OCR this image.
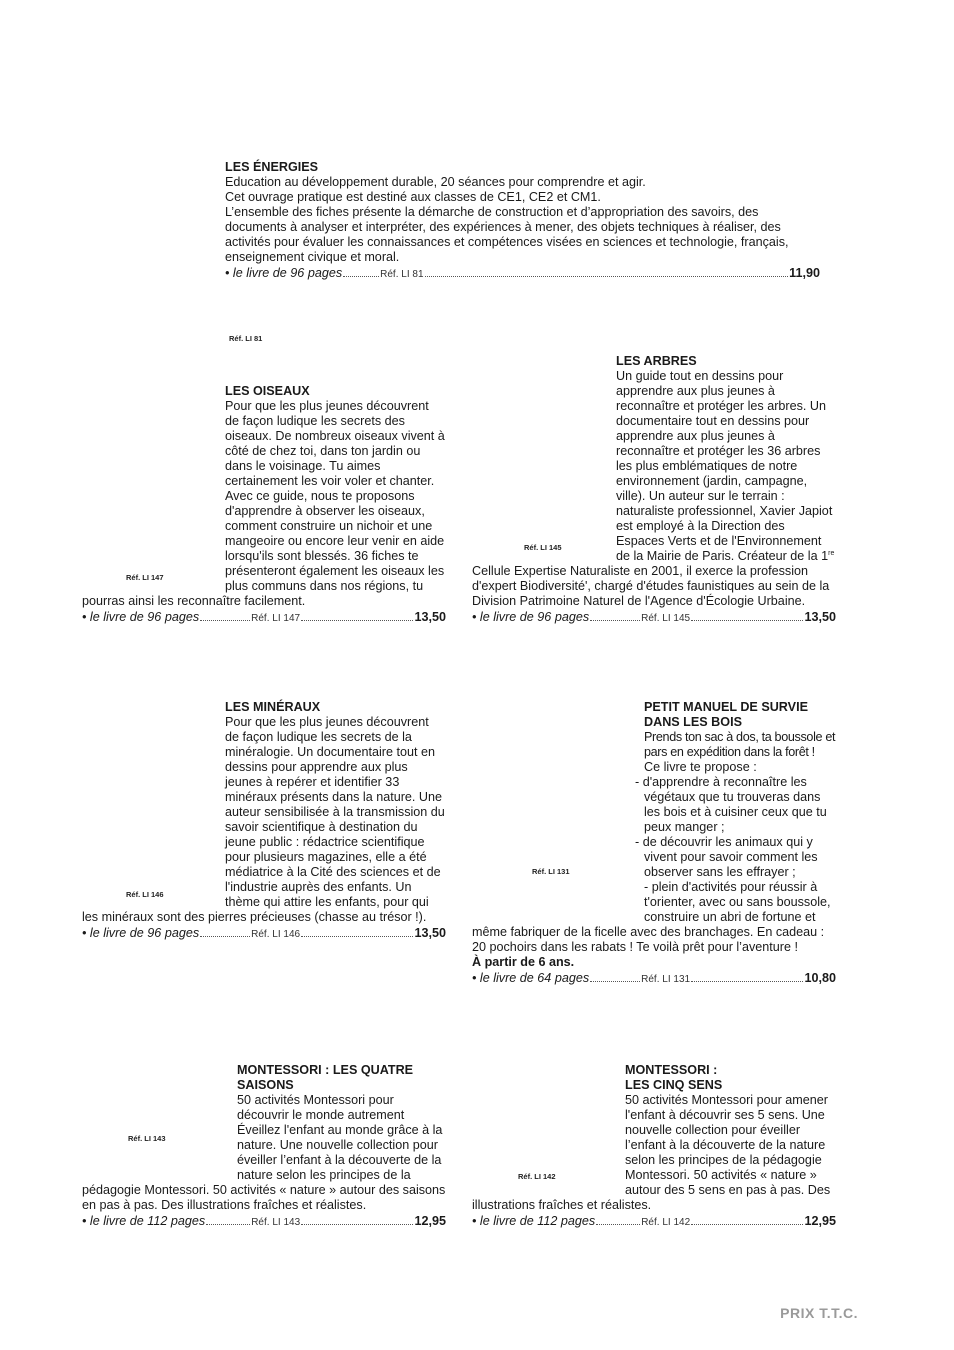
LES ÉNERGIES

Education au développement durable, 20 séances pour comprendre et agir.

Cet ouvrage pratique est destiné aux classes de CE1, CE2 et CM1.

L’ensemble des fiches présente la démarche de construction et d’appropriation des savoirs, des documents à analyser et interpréter, des expériences à mener, des objets techniques à réaliser, des activités pour évaluer les connaissances et compétences visées en sciences et technologie, français, enseignement civique et moral.

• le livre de 96 pages	Réf. LI 81	11,90
Réf. LI 81
LES OISEAUX
Pour que les plus jeunes découvrent de façon ludique les secrets des oiseaux. De nombreux oiseaux vivent à côté de chez toi, dans ton jardin ou dans le voisinage. Tu aimes certainement les voir voler et chanter. Avec ce guide, nous te proposons d'apprendre à observer les oiseaux, comment construire un nichoir et une mangeoire ou encore leur venir en aide lorsqu'ils sont blessés. 36 fiches te présenteront également les oiseaux les plus communs dans nos régions, tu pourras ainsi les reconnaître facilement.
• le livre de 96 pages	Réf. LI 147	13,50
Réf. LI 147
LES ARBRES
Un guide tout en dessins pour apprendre aux plus jeunes à reconnaître et protéger les arbres. Un documentaire tout en dessins pour apprendre aux plus jeunes à reconnaître et protéger les 36 arbres les plus emblématiques de notre environnement (jardin, campagne, ville). Un auteur sur le terrain : naturaliste professionnel, Xavier Japiot est employé à la Direction des Espaces Verts et de l'Environnement de la Mairie de Paris. Créateur de la 1re Cellule Expertise Naturaliste en 2001, il exerce la profession d'expert Biodiversité', chargé d'études faunistiques au sein de la Division Patrimoine Naturel de l'Agence d'Écologie Urbaine.
• le livre de 96 pages	Réf. LI 145	13,50
Réf. LI 145
LES MINÉRAUX
Pour que les plus jeunes découvrent de façon ludique les secrets de la minéralogie. Un documentaire tout en dessins pour apprendre aux plus jeunes à repérer et identifier 33 minéraux présents dans la nature. Une auteur sensibilisée à la transmission du savoir scientifique à destination du jeune public : rédactrice scientifique pour plusieurs magazines, elle a été médiatrice à la Cité des sciences et de l'industrie auprès des enfants. Un thème qui attire les enfants, pour qui les minéraux sont des pierres précieuses (chasse au trésor !).
• le livre de 96 pages	Réf. LI 146	13,50
Réf. LI 146
PETIT MANUEL DE SURVIE DANS LES BOIS

Prends ton sac à dos, ta boussole et pars en expédition dans la forêt !

Ce livre te propose :

- d'apprendre à reconnaître les végétaux que tu trouveras dans les bois et à cuisiner ceux que tu peux manger ;
- de découvrir les animaux qui y vivent pour savoir comment les observer sans les effrayer ;

- plein d'activités pour réussir à t'orienter, avec ou sans boussole, construire un abri de fortune et même fabriquer de la ficelle avec des branchages. En cadeau :

20 pochoirs dans les rabats ! Te voilà prêt pour l’aventure !

À partir de 6 ans.

• le livre de 64 pages	Réf. LI 131	10,80
Réf. LI 131
MONTESSORI : LES QUATRE SAISONS

50 activités Montessori pour découvrir le monde autrement

Éveillez l'enfant au monde grâce à la nature. Une nouvelle collection pour éveiller l’enfant à la découverte de la nature selon les principes de la pédagogie Montessori. 50 activités « nature » autour des saisons en pas à pas. Des illustrations fraîches et réalistes.
• le livre de 112 pages	Réf. LI 143	12,95
Réf. LI 143
MONTESSORI :
LES CINQ SENS
50 activités Montessori pour amener l'enfant à découvrir ses 5 sens. Une nouvelle collection pour éveiller l’enfant à la découverte de la nature selon les principes de la pédagogie Montessori. 50 activités « nature » autour des 5 sens en pas à pas. Des illustrations fraîches et réalistes.
• le livre de 112 pages	Réf. LI 142	12,95
Réf. LI 142
PRIX T.T.C.
